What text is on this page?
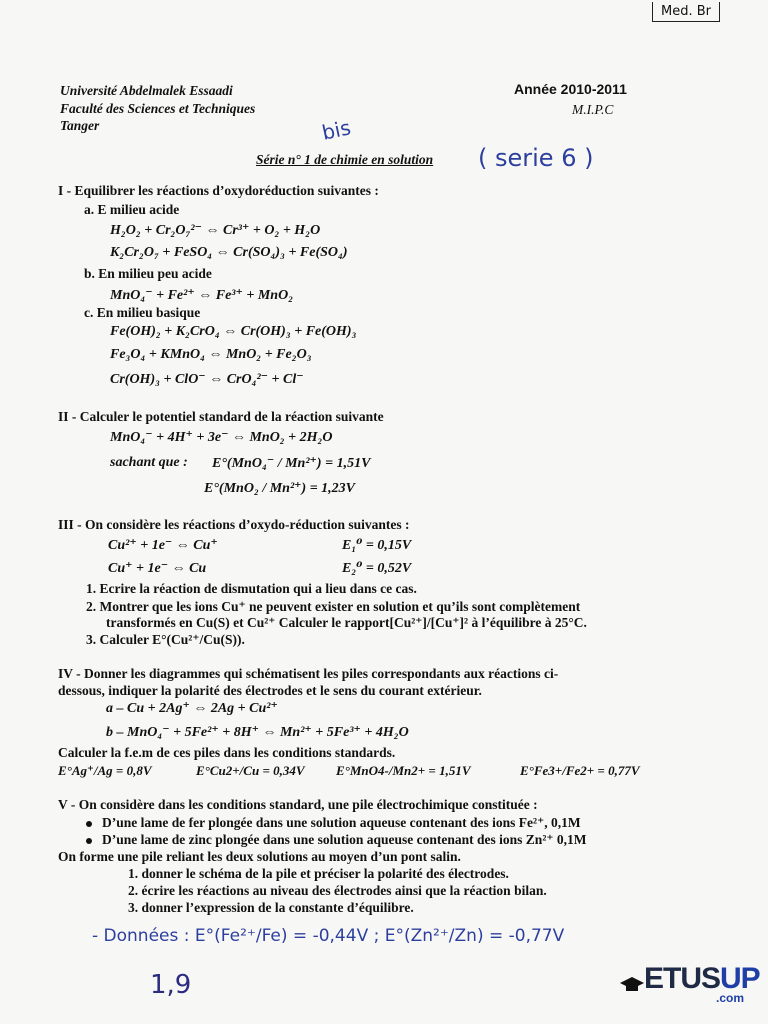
Med. Br
Université Abdelmalek Essaadi
Faculté des Sciences et Techniques
Tanger
Année 2010-2011
M.I.P.C
Série n° 1 de chimie en solution
bis
( serie 6 )
I - Equilibrer les réactions d’oxydoréduction suivantes :
a. E milieu acide
H₂O₂ + Cr₂O₇²⁻ ⇔ Cr³⁺ + O₂ + H₂O
K₂Cr₂O₇ + FeSO₄ ⇔ Cr(SO₄)₃ + Fe(SO₄)
b. En milieu peu acide
MnO₄⁻ + Fe²⁺ ⇔ Fe³⁺ + MnO₂
c. En milieu basique
Fe(OH)₂ + K₂CrO₄ ⇔ Cr(OH)₃ + Fe(OH)₃
Fe₃O₄ + KMnO₄ ⇔ MnO₂ + Fe₂O₃
Cr(OH)₃ + ClO⁻ ⇔ CrO₄²⁻ + Cl⁻
II - Calculer le potentiel standard de la réaction suivante
MnO₄⁻ + 4H⁺ + 3e⁻ ⇔ MnO₂ + 2H₂O
sachant que : E°(MnO₄⁻ / Mn²⁺) = 1,51V
E°(MnO₂ / Mn²⁺) = 1,23V
III - On considère les réactions d’oxydo-réduction suivantes :
Cu²⁺ + 1e⁻ ⇔ Cu⁺	E₁⁰ = 0,15V
Cu⁺ + 1e⁻ ⇔ Cu	E₂⁰ = 0,52V
1. Ecrire la réaction de dismutation qui a lieu dans ce cas.
2. Montrer que les ions Cu⁺ ne peuvent exister en solution et qu’ils sont complètement
transformés en Cu(S) et Cu²⁺ Calculer le rapport[Cu²⁺]/[Cu⁺]² à l’équilibre à 25°C.
3. Calculer E°(Cu²⁺/Cu(S)).
IV - Donner les diagrammes qui schématisent les piles correspondants aux réactions ci-
dessous, indiquer la polarité des électrodes et le sens du courant extérieur.
a – Cu + 2Ag⁺ ⇔ 2Ag + Cu²⁺
b – MnO₄⁻ + 5Fe²⁺ + 8H⁺ ⇔ Mn²⁺ + 5Fe³⁺ + 4H₂O
Calculer la f.e.m de ces piles dans les conditions standards.
E°Ag⁺/Ag = 0,8V	E°Cu2+/Cu = 0,34V E°MnO4-/Mn2+ = 1,51V	E°Fe3+/Fe2+ = 0,77V
V - On considère dans les conditions standard, une pile électrochimique constituée :
D’une lame de fer plongée dans une solution aqueuse contenant des ions Fe²⁺, 0,1M
D’une lame de zinc plongée dans une solution aqueuse contenant des ions Zn²⁺ 0,1M
On forme une pile reliant les deux solutions au moyen d’un pont salin.
1. donner le schéma de la pile et préciser la polarité des électrodes.
2. écrire les réactions au niveau des électrodes ainsi que la réaction bilan.
3. donner l’expression de la constante d’équilibre.
- Données : E°(Fe²⁺/Fe) = -0,44V ; E°(Zn²⁺/Zn) = -0,77V
1,9	ETUSUP
.com
